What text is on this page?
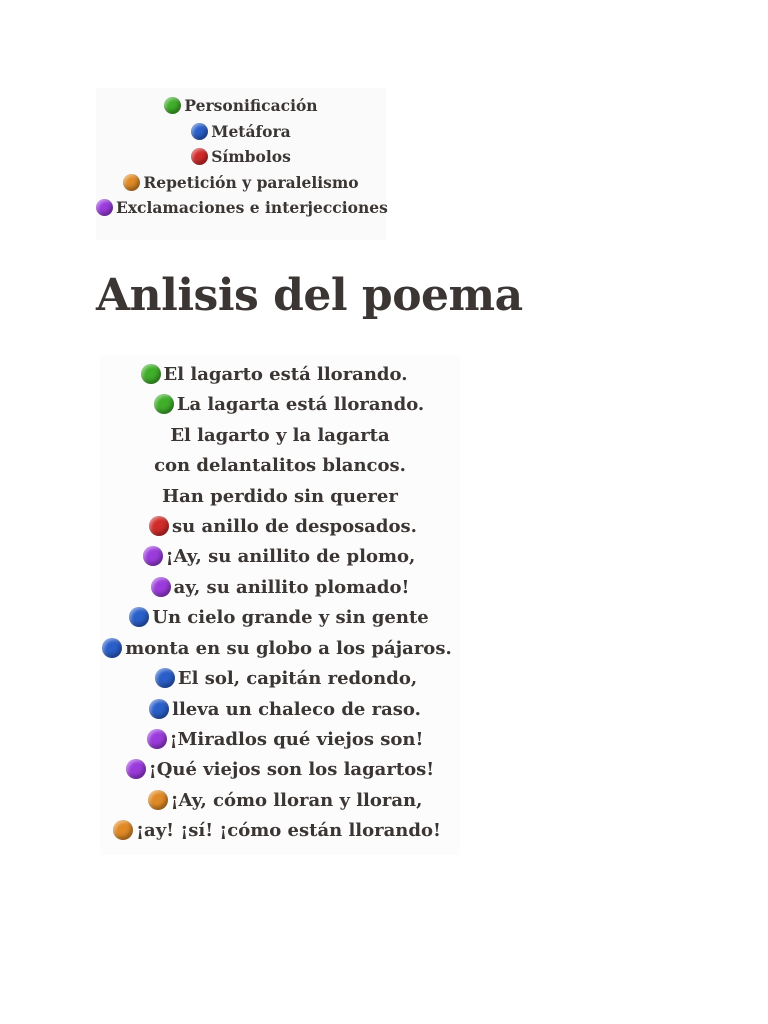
Personificación
Metáfora
Símbolos
Repetición y paralelismo
Exclamaciones e interjecciones
Anlisis del poema
El lagarto está llorando.
La lagarta está llorando.
El lagarto y la lagarta
con delantalitos blancos.
Han perdido sin querer
su anillo de desposados.
¡Ay, su anillito de plomo,
ay, su anillito plomado!
Un cielo grande y sin gente
monta en su globo a los pájaros.
El sol, capitán redondo,
lleva un chaleco de raso.
¡Miradlos qué viejos son!
¡Qué viejos son los lagartos!
¡Ay, cómo lloran y lloran,
¡ay! ¡sí! ¡cómo están llorando!
